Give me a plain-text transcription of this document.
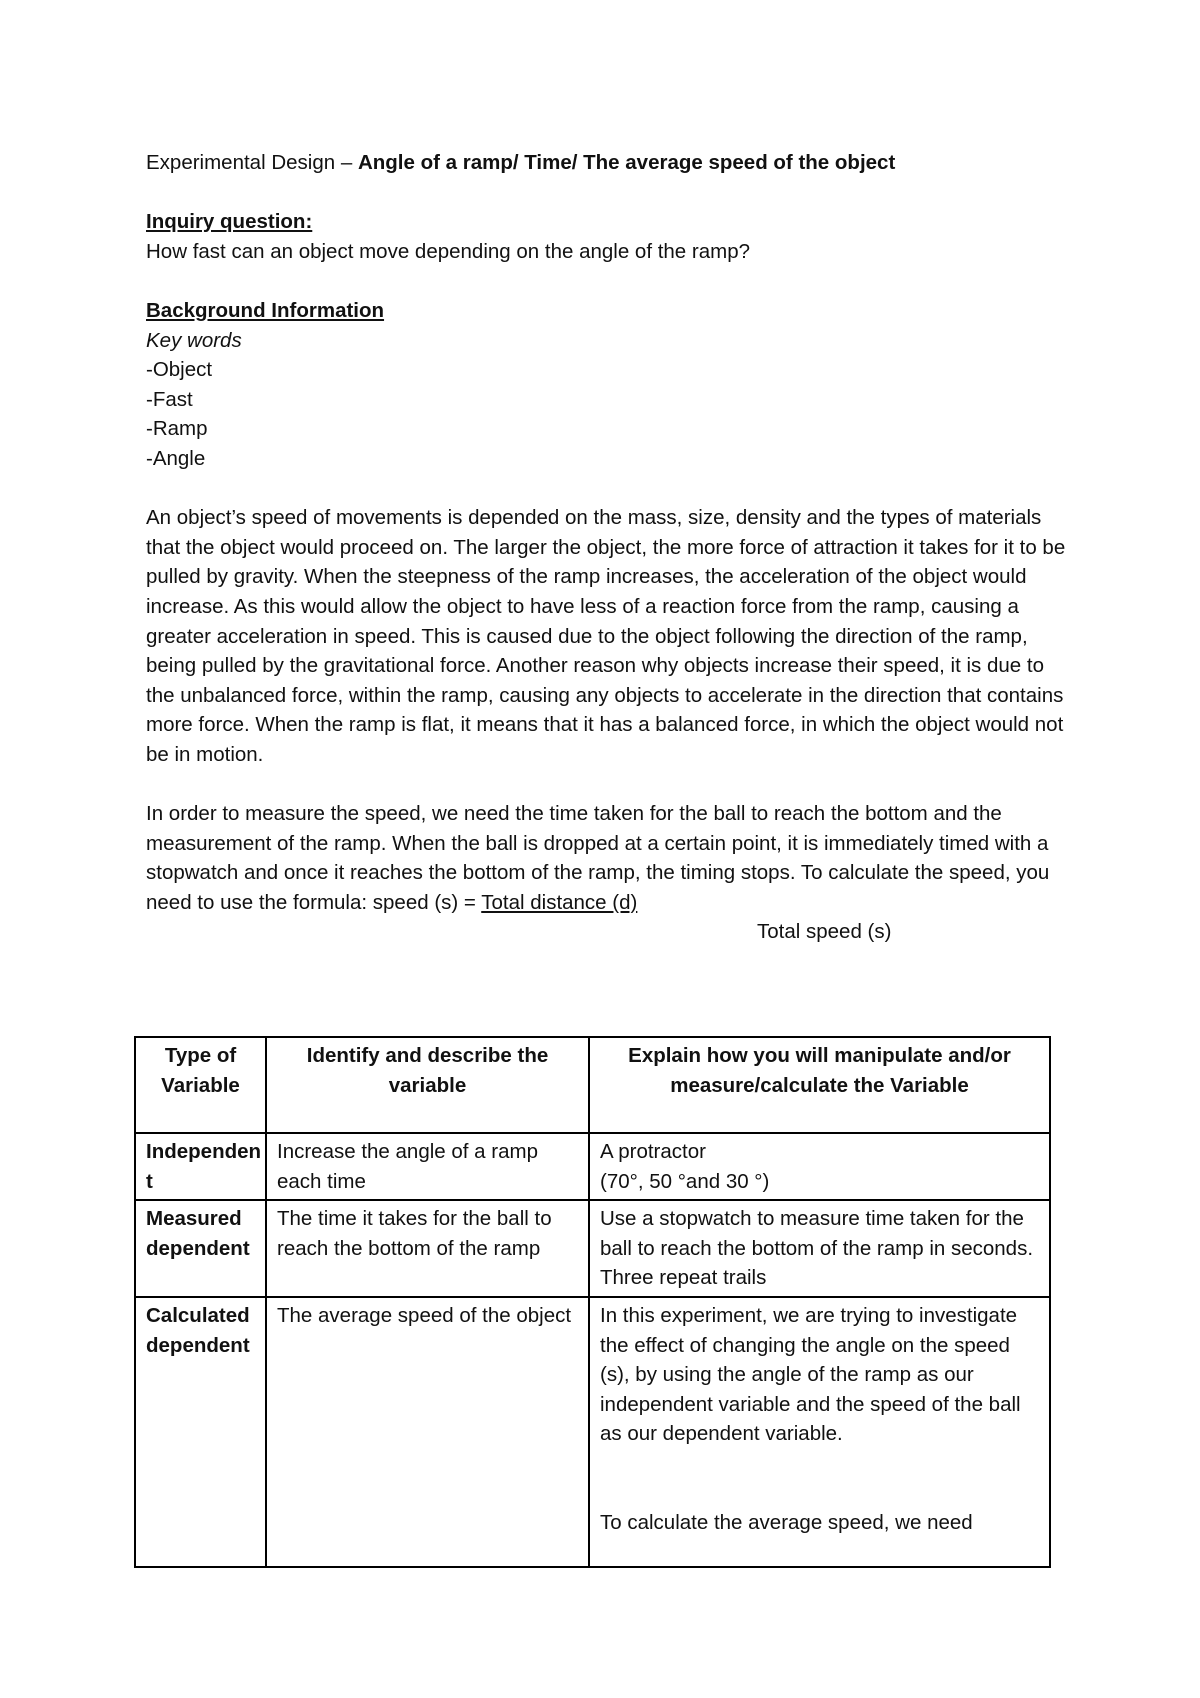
Experimental Design – Angle of a ramp/ Time/ The average speed of the object

Inquiry question:

How fast can an object move depending on the angle of the ramp?

Background Information

Key words

-Object

-Fast

-Ramp

-Angle

An object’s speed of movements is depended on the mass, size, density and the types of materials that the object would proceed on. The larger the object, the more force of attraction it takes for it to be pulled by gravity. When the steepness of the ramp increases, the acceleration of the object would increase. As this would allow the object to have less of a reaction force from the ramp, causing a greater acceleration in speed. This is caused due to the object following the direction of the ramp, being pulled by the gravitational force. Another reason why objects increase their speed, it is due to the unbalanced force, within the ramp, causing any objects to accelerate in the direction that contains more force. When the ramp is flat, it means that it has a balanced force, in which the object would not be in motion.

In order to measure the speed, we need the time taken for the ball to reach the bottom and the measurement of the ramp. When the ball is dropped at a certain point, it is immediately timed with a stopwatch and once it reaches the bottom of the ramp, the timing stops. To calculate the speed, you need to use the formula: speed (s) = Total distance (d)

Total speed (s)

Type of Variable	Identify and describe the variable	Explain how you will manipulate and/or measure/calculate the Variable
Independen t	Increase the angle of a ramp each time	A protractor
(70°, 50 °and 30 °)

Measured dependent	The time it takes for the ball to reach the bottom of the ramp	Use a stopwatch to measure time taken for the ball to reach the bottom of the ramp in seconds. Three repeat trails
Calculated dependent	The average speed of the object	In this experiment, we are trying to investigate the effect of changing the angle on the speed (s), by using the angle of the ramp as our independent variable and the speed of the ball as our dependent variable.
To calculate the average speed, we need
